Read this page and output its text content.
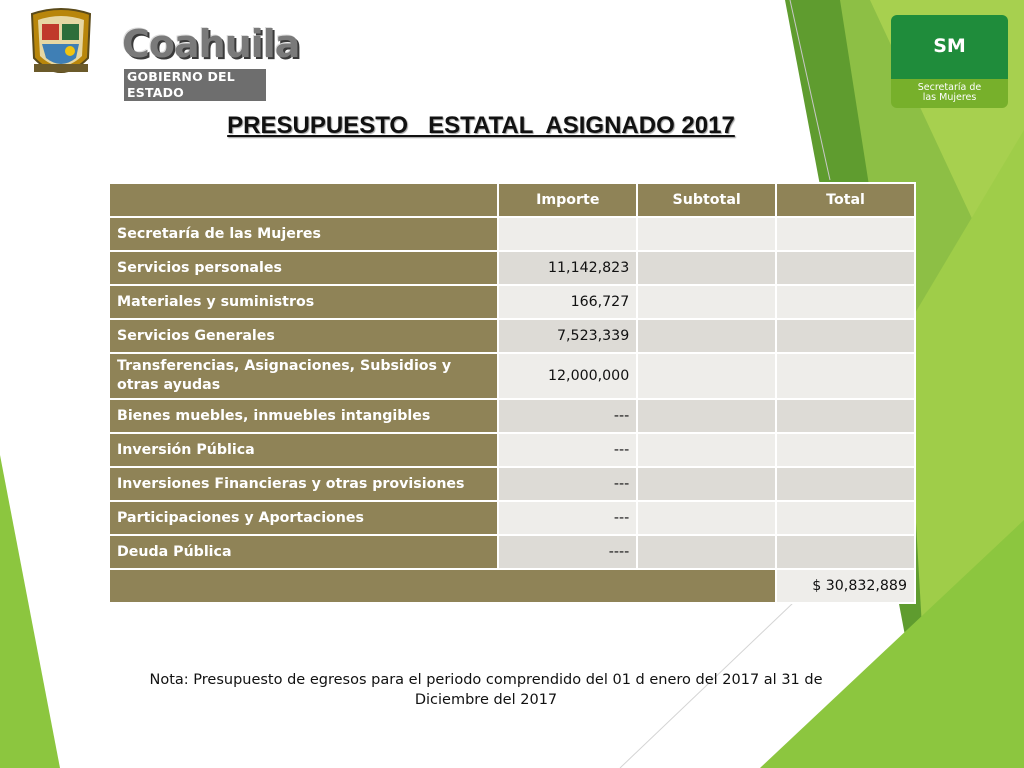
Coahuila
GOBIERNO DEL ESTADO
SM
Secretaría de
las Mujeres
PRESUPUESTO   ESTATAL  ASIGNADO 2017
	Importe	Subtotal	Total
Secretaría de las Mujeres			
Servicios personales	11,142,823		
Materiales y suministros	166,727		
Servicios Generales	7,523,339		
Transferencias, Asignaciones, Subsidios y otras ayudas	12,000,000		
Bienes muebles, inmuebles intangibles	---		
Inversión Pública	---		
Inversiones Financieras y otras provisiones	---		
Participaciones y Aportaciones	---		
Deuda Pública	----		
			$ 30,832,889
Nota: Presupuesto de egresos para el periodo comprendido del 01 d enero del 2017 al 31 de Diciembre del 2017
